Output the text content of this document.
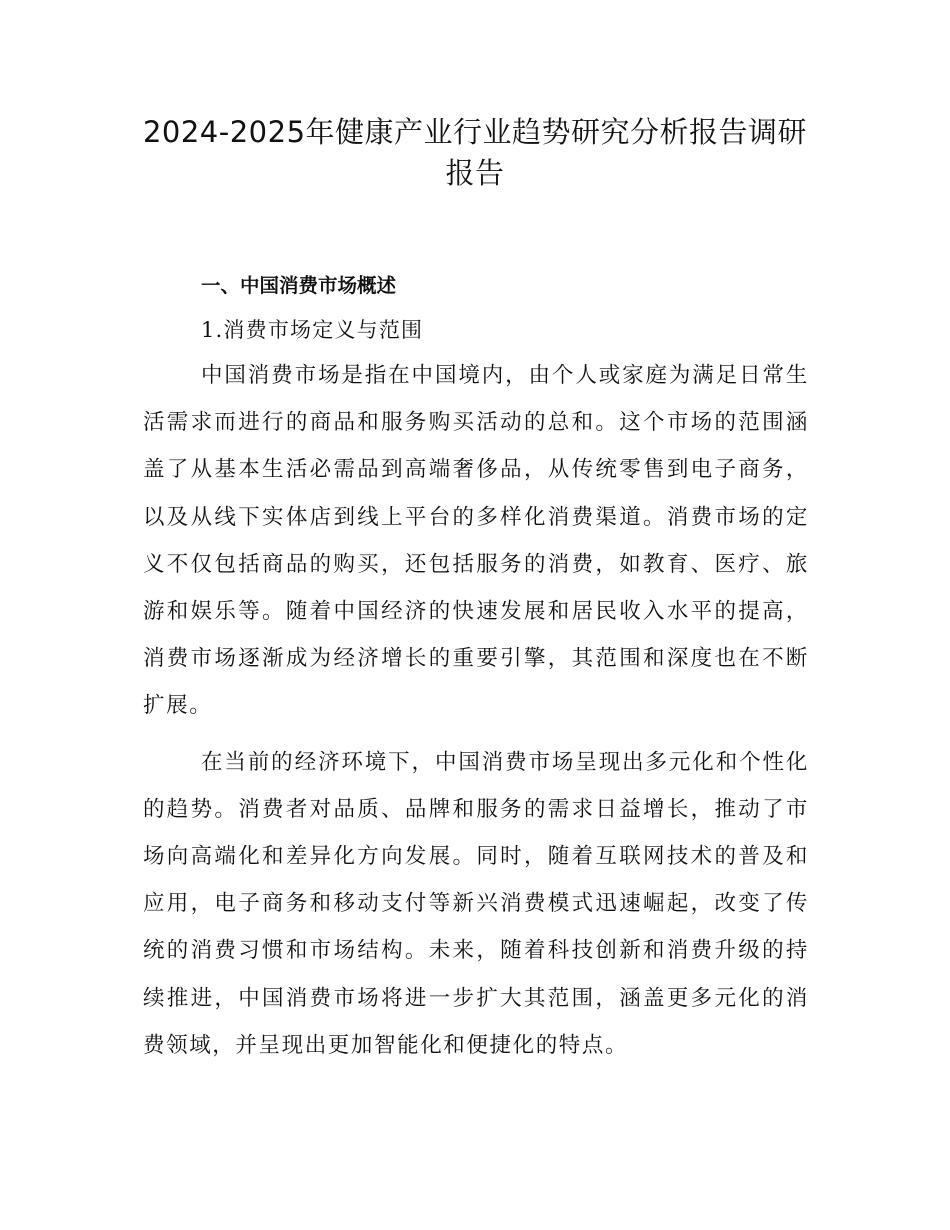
2024-2025年健康产业行业趋势研究分析报告调研报告
一、中国消费市场概述
1.消费市场定义与范围

中国消费市场是指在中国境内，由个人或家庭为满足日常生活需求而进行的商品和服务购买活动的总和。这个市场的范围涵盖了从基本生活必需品到高端奢侈品，从传统零售到电子商务，以及从线下实体店到线上平台的多样化消费渠道。消费市场的定义不仅包括商品的购买，还包括服务的消费，如教育、医疗、旅游和娱乐等。随着中国经济的快速发展和居民收入水平的提高，消费市场逐渐成为经济增长的重要引擎，其范围和深度也在不断扩展。

在当前的经济环境下，中国消费市场呈现出多元化和个性化的趋势。消费者对品质、品牌和服务的需求日益增长，推动了市场向高端化和差异化方向发展。同时，随着互联网技术的普及和应用，电子商务和移动支付等新兴消费模式迅速崛起，改变了传统的消费习惯和市场结构。未来，随着科技创新和消费升级的持续推进，中国消费市场将进一步扩大其范围，涵盖更多元化的消费领域，并呈现出更加智能化和便捷化的特点。
